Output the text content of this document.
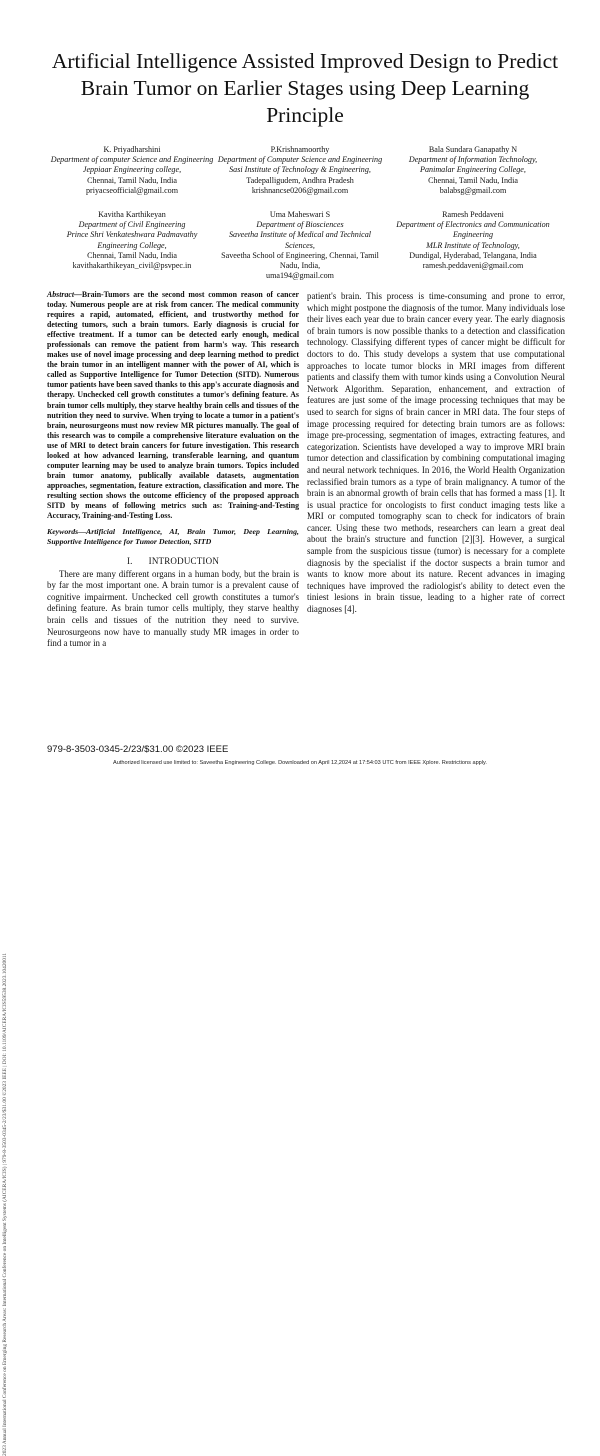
2023 Annual International Conference on Emerging Research Areas: International Conference on Intelligent Systems (AICERA/ICIS) | 979-8-3503-0345-2/23/$31.00 ©2023 IEEE | DOI: 10.1109/AICERA/ICIS59538.2023.10420011
Artificial Intelligence Assisted Improved Design to Predict Brain Tumor on Earlier Stages using Deep Learning Principle
K. Priyadharshini
Department of computer Science and Engineering
Jeppiaar Engineering college,
Chennai, Tamil Nadu, India
priyacseofficial@gmail.com
P.Krishnamoorthy
Department of Computer Science and Engineering
Sasi Institute of Technology & Engineering,
Tadepalligudem, Andhra Pradesh
krishnancse0206@gmail.com
Bala Sundara Ganapathy N
Department of Information Technology,
Panimalar Engineering College,
Chennai, Tamil Nadu, India
balabsg@gmail.com
Kavitha Karthikeyan
Department of Civil Engineering
Prince Shri Venkateshwara Padmavathy Engineering College,
Chennai, Tamil Nadu, India
kavithakarthikeyan_civil@psvpec.in
Uma Maheswari S
Department of Biosciences
Saveetha Institute of Medical and Technical Sciences,
Saveetha School of Engineering, Chennai, Tamil Nadu, India,
uma194@gmail.com
Ramesh Peddaveni
Department of Electronics and Communication Engineering
MLR Institute of Technology,
Dundigal, Hyderabad, Telangana, India
ramesh.peddaveni@gmail.com
Abstract—Brain-Tumors are the second most common reason of cancer today. Numerous people are at risk from cancer. The medical community requires a rapid, automated, efficient, and trustworthy method for detecting tumors, such a brain tumors. Early diagnosis is crucial for effective treatment. If a tumor can be detected early enough, medical professionals can remove the patient from harm's way. This research makes use of novel image processing and deep learning method to predict the brain tumor in an intelligent manner with the power of AI, which is called as Supportive Intelligence for Tumor Detection (SITD). Numerous tumor patients have been saved thanks to this app's accurate diagnosis and therapy. Unchecked cell growth constitutes a tumor's defining feature. As brain tumor cells multiply, they starve healthy brain cells and tissues of the nutrition they need to survive. When trying to locate a tumor in a patient's brain, neurosurgeons must now review MR pictures manually. The goal of this research was to compile a comprehensive literature evaluation on the use of MRI to detect brain cancers for future investigation. This research looked at how advanced learning, transferable learning, and quantum computer learning may be used to analyze brain tumors. Topics included brain tumor anatomy, publically available datasets, augmentation approaches, segmentation, feature extraction, classification and more. The resulting section shows the outcome efficiency of the proposed approach SITD by means of following metrics such as: Training-and-Testing Accuracy, Training-and-Testing Loss.
Keywords—Artificial Intelligence, AI, Brain Tumor, Deep Learning, Supportive Intelligence for Tumor Detection, SITD
I. INTRODUCTION
There are many different organs in a human body, but the brain is by far the most important one. A brain tumor is a prevalent cause of cognitive impairment. Unchecked cell growth constitutes a tumor's defining feature. As brain tumor cells multiply, they starve healthy brain cells and tissues of the nutrition they need to survive. Neurosurgeons now have to manually study MR images in order to find a tumor in a

patient's brain. This process is time-consuming and prone to error, which might postpone the diagnosis of the tumor. Many individuals lose their lives each year due to brain cancer every year. The early diagnosis of brain tumors is now possible thanks to a detection and classification technology. Classifying different types of cancer might be difficult for doctors to do. This study develops a system that use computational approaches to locate tumor blocks in MRI images from different patients and classify them with tumor kinds using a Convolution Neural Network Algorithm. Separation, enhancement, and extraction of features are just some of the image processing techniques that may be used to search for signs of brain cancer in MRI data. The four steps of image processing required for detecting brain tumors are as follows: image pre-processing, segmentation of images, extracting features, and categorization. Scientists have developed a way to improve MRI brain tumor detection and classification by combining computational imaging and neural network techniques. In 2016, the World Health Organization reclassified brain tumors as a type of brain malignancy. A tumor of the brain is an abnormal growth of brain cells that has formed a mass [1]. It is usual practice for oncologists to first conduct imaging tests like a MRI or computed tomography scan to check for indicators of brain cancer. Using these two methods, researchers can learn a great deal about the brain's structure and function [2][3]. However, a surgical sample from the suspicious tissue (tumor) is necessary for a complete diagnosis by the specialist if the doctor suspects a brain tumor and wants to know more about its nature. Recent advances in imaging techniques have improved the radiologist's ability to detect even the tiniest lesions in brain tissue, leading to a higher rate of correct diagnoses [4].

979-8-3503-0345-2/23/$31.00 ©2023 IEEE
Authorized licensed use limited to: Saveetha Engineering College. Downloaded on April 12,2024 at 17:54:03 UTC from IEEE Xplore. Restrictions apply.
